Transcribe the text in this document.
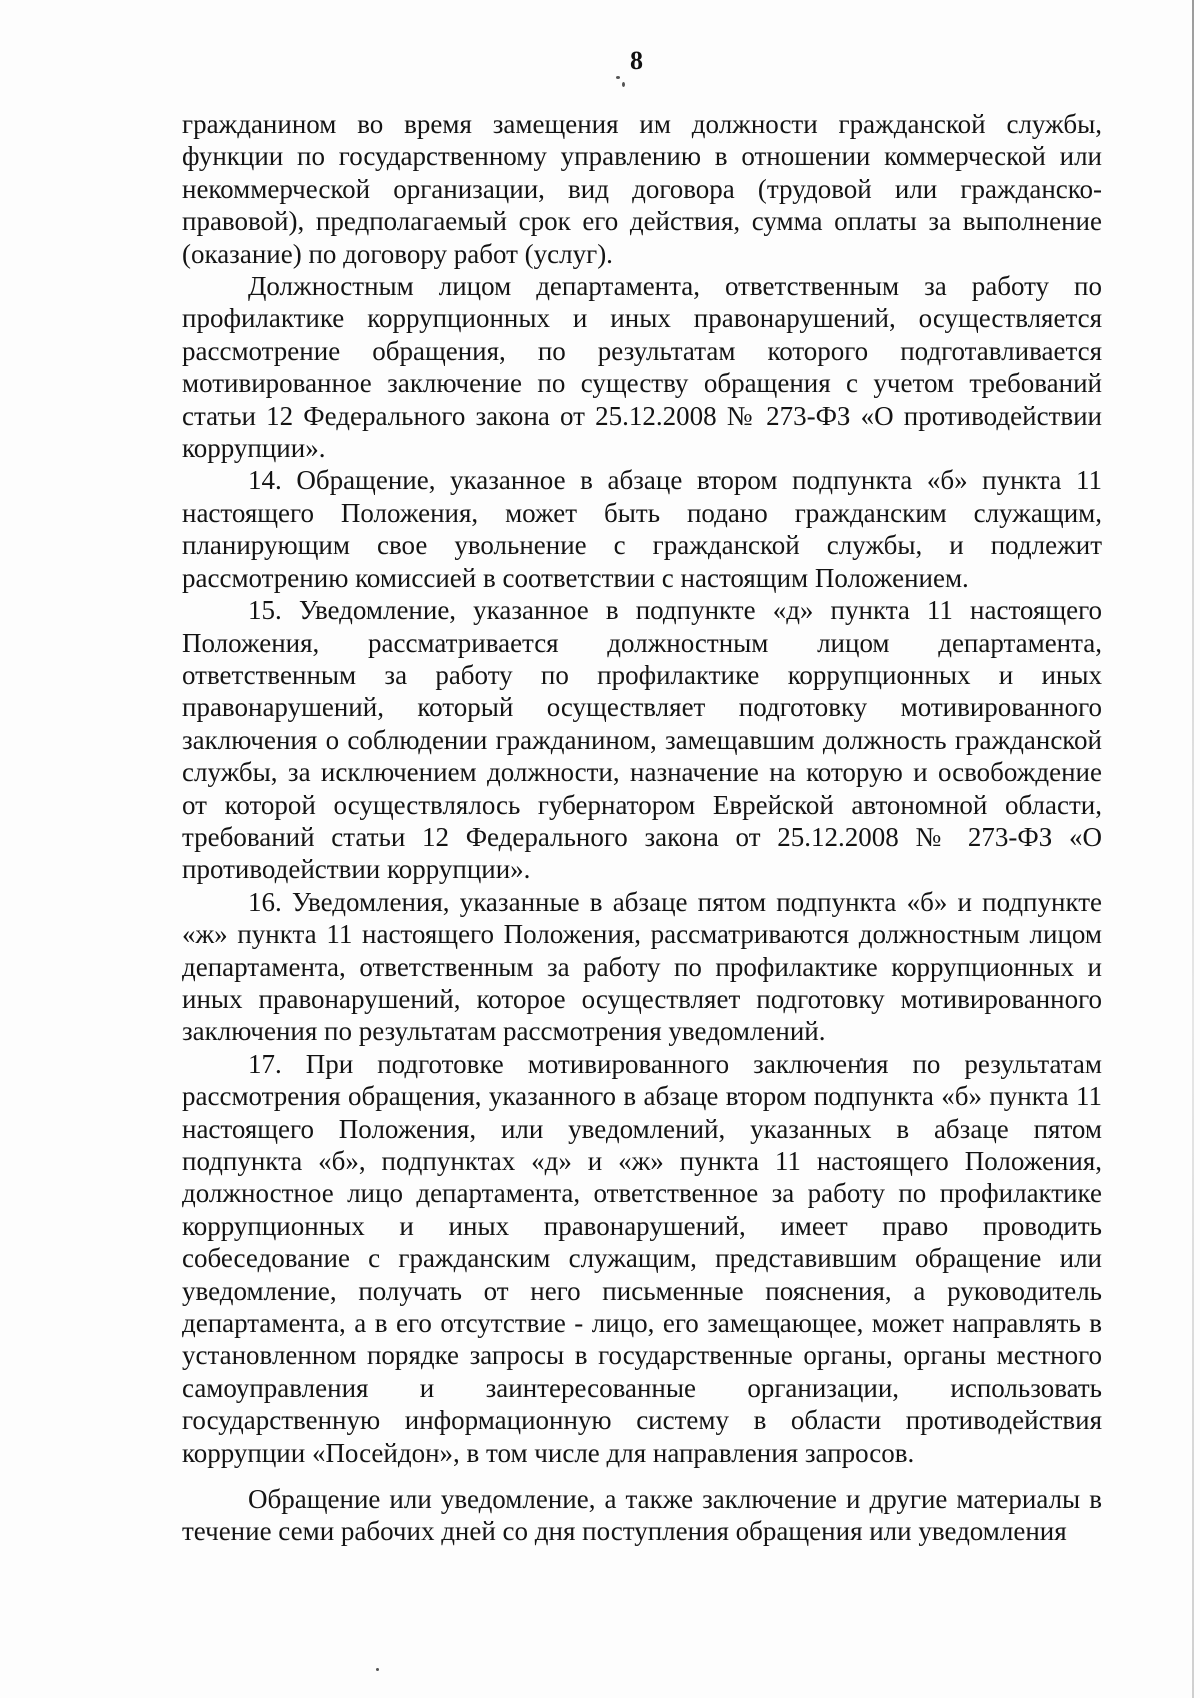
8

гражданином во время замещения им должности гражданской службы, функции по государственному управлению в отношении коммерческой или некоммерческой организации, вид договора (трудовой или гражданско-правовой), предполагаемый срок его действия, сумма оплаты за выполнение (оказание) по договору работ (услуг).

Должностным лицом департамента, ответственным за работу по профилактике коррупционных и иных правонарушений, осуществляется рассмотрение обращения, по результатам которого подготавливается мотивированное заключение по существу обращения с учетом требований статьи 12 Федерального закона от 25.12.2008 № 273-ФЗ «О противодействии коррупции».

14. Обращение, указанное в абзаце втором подпункта «б» пункта 11 настоящего Положения, может быть подано гражданским служащим, планирующим свое увольнение с гражданской службы, и подлежит рассмотрению комиссией в соответствии с настоящим Положением.

15. Уведомление, указанное в подпункте «д» пункта 11 настоящего Положения, рассматривается должностным лицом департамента, ответственным за работу по профилактике коррупционных и иных правонарушений, который осуществляет подготовку мотивированного заключения о соблюдении гражданином, замещавшим должность гражданской службы, за исключением должности, назначение на которую и освобождение от которой осуществлялось губернатором Еврейской автономной области, требований статьи 12 Федерального закона от 25.12.2008 № 273-ФЗ «О противодействии коррупции».

16. Уведомления, указанные в абзаце пятом подпункта «б» и подпункте «ж» пункта 11 настоящего Положения, рассматриваются должностным лицом департамента, ответственным за работу по профилактике коррупционных и иных правонарушений, которое осуществляет подготовку мотивированного заключения по результатам рассмотрения уведомлений.

17. При подготовке мотивированного заключения по результатам рассмотрения обращения, указанного в абзаце втором подпункта «б» пункта 11 настоящего Положения, или уведомлений, указанных в абзаце пятом подпункта «б», подпунктах «д» и «ж» пункта 11 настоящего Положения, должностное лицо департамента, ответственное за работу по профилактике коррупционных и иных правонарушений, имеет право проводить собеседование с гражданским служащим, представившим обращение или уведомление, получать от него письменные пояснения, а руководитель департамента, а в его отсутствие - лицо, его замещающее, может направлять в установленном порядке запросы в государственные органы, органы местного самоуправления и заинтересованные организации, использовать государственную информационную систему в области противодействия коррупции «Посейдон», в том числе для направления запросов.

Обращение или уведомление, а также заключение и другие материалы в течение семи рабочих дней со дня поступления обращения или уведомления
